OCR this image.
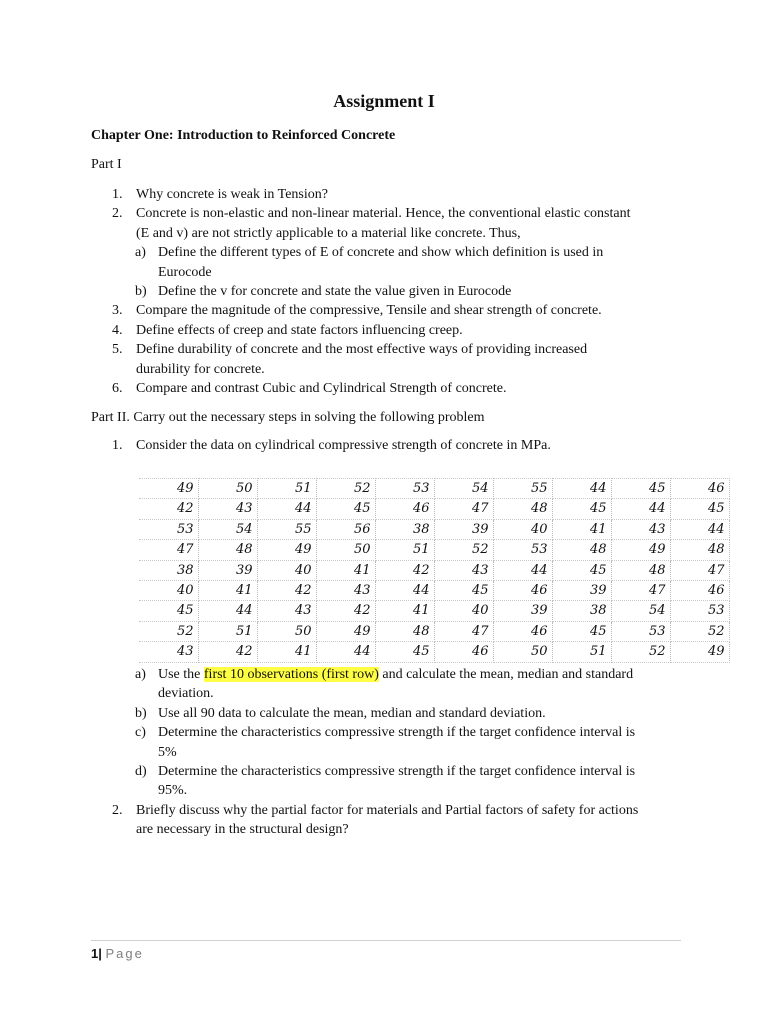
Assignment I
Chapter One: Introduction to Reinforced Concrete
Part I
1. Why concrete is weak in Tension?
2. Concrete is non-elastic and non-linear material. Hence, the conventional elastic constant
(E and v) are not strictly applicable to a material like concrete. Thus,
a) Define the different types of E of concrete and show which definition is used in
Eurocode
b) Define the v for concrete and state the value given in Eurocode
3. Compare the magnitude of the compressive, Tensile and shear strength of concrete.
4. Define effects of creep and state factors influencing creep.
5. Define durability of concrete and the most effective ways of providing increased
durability for concrete.
6. Compare and contrast Cubic and Cylindrical Strength of concrete.
Part II. Carry out the necessary steps in solving the following problem
1. Consider the data on cylindrical compressive strength of concrete in MPa.
49	50	51	52	53	54	55	44	45	46
42	43	44	45	46	47	48	45	44	45
53	54	55	56	38	39	40	41	43	44
47	48	49	50	51	52	53	48	49	48
38	39	40	41	42	43	44	45	48	47
40	41	42	43	44	45	46	39	47	46
45	44	43	42	41	40	39	38	54	53
52	51	50	49	48	47	46	45	53	52
43	42	41	44	45	46	50	51	52	49
a) Use the first 10 observations (first row) and calculate the mean, median and standard
deviation.
b) Use all 90 data to calculate the mean, median and standard deviation.
c) Determine the characteristics compressive strength if the target confidence interval is
5%
d) Determine the characteristics compressive strength if the target confidence interval is
95%.
2. Briefly discuss why the partial factor for materials and Partial factors of safety for actions
are necessary in the structural design?
1| Page
